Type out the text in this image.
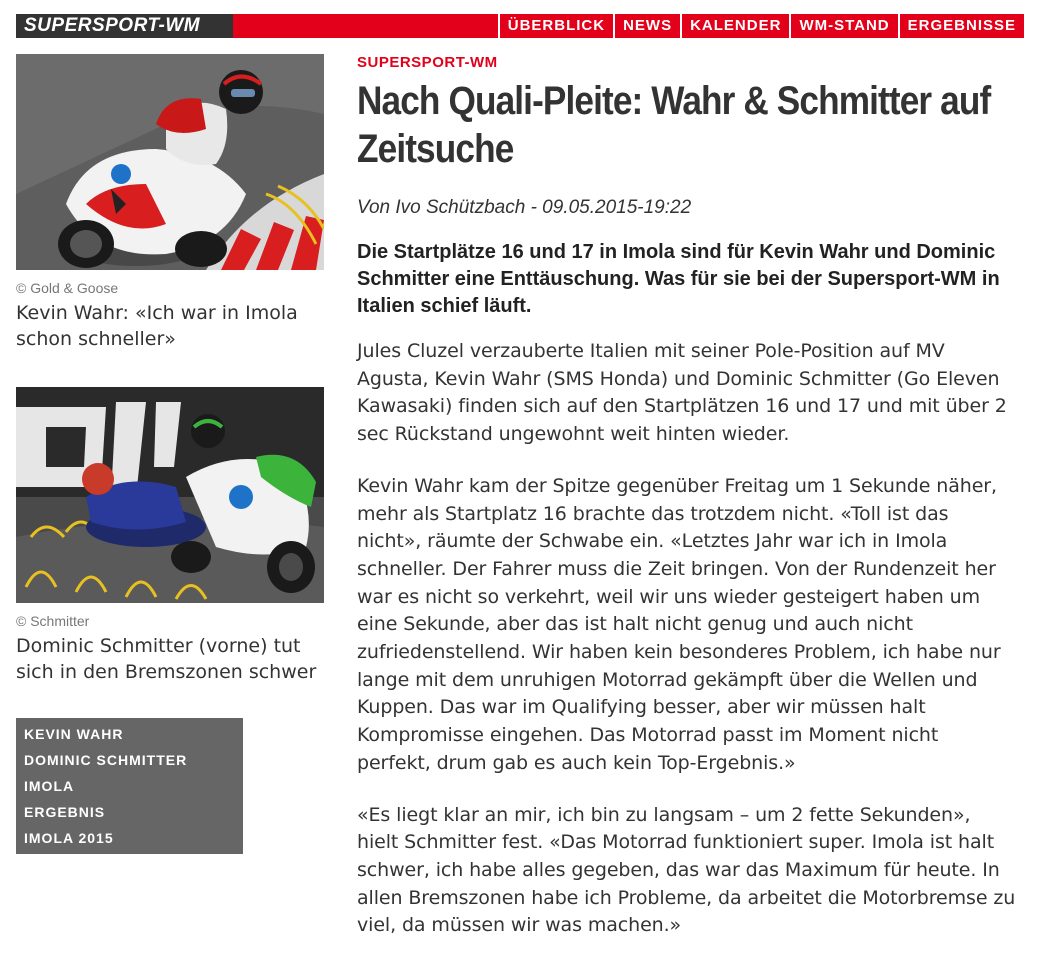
SUPERSPORT-WM	ÜBERBLICK	NEWS	KALENDER	WM-STAND	ERGEBNISSE
© Gold & Goose
Kevin Wahr: «Ich war in Imola schon schneller»
© Schmitter
Dominic Schmitter (vorne) tut sich in den Bremszonen schwer
KEVIN WAHR
DOMINIC SCHMITTER
IMOLA
ERGEBNIS
IMOLA 2015
SUPERSPORT-WM
Nach Quali-Pleite: Wahr & Schmitter auf Zeitsuche
Von Ivo Schützbach - 09.05.2015-19:22
Die Startplätze 16 und 17 in Imola sind für Kevin Wahr und Dominic Schmitter eine Enttäuschung. Was für sie bei der Supersport-WM in Italien schief läuft.
Jules Cluzel verzauberte Italien mit seiner Pole-Position auf MV Agusta, Kevin Wahr (SMS Honda) und Dominic Schmitter (Go Eleven Kawasaki) finden sich auf den Startplätzen 16 und 17 und mit über 2 sec Rückstand ungewohnt weit hinten wieder.
Kevin Wahr kam der Spitze gegenüber Freitag um 1 Sekunde näher, mehr als Startplatz 16 brachte das trotzdem nicht. «Toll ist das nicht», räumte der Schwabe ein. «Letztes Jahr war ich in Imola schneller. Der Fahrer muss die Zeit bringen. Von der Rundenzeit her war es nicht so verkehrt, weil wir uns wieder gesteigert haben um eine Sekunde, aber das ist halt nicht genug und auch nicht zufriedenstellend. Wir haben kein besonderes Problem, ich habe nur lange mit dem unruhigen Motorrad gekämpft über die Wellen und Kuppen. Das war im Qualifying besser, aber wir müssen halt Kompromisse eingehen. Das Motorrad passt im Moment nicht perfekt, drum gab es auch kein Top-Ergebnis.»
«Es liegt klar an mir, ich bin zu langsam – um 2 fette Sekunden», hielt Schmitter fest. «Das Motorrad funktioniert super. Imola ist halt schwer, ich habe alles gegeben, das war das Maximum für heute. In allen Bremszonen habe ich Probleme, da arbeitet die Motorbremse zu viel, da müssen wir was machen.»
